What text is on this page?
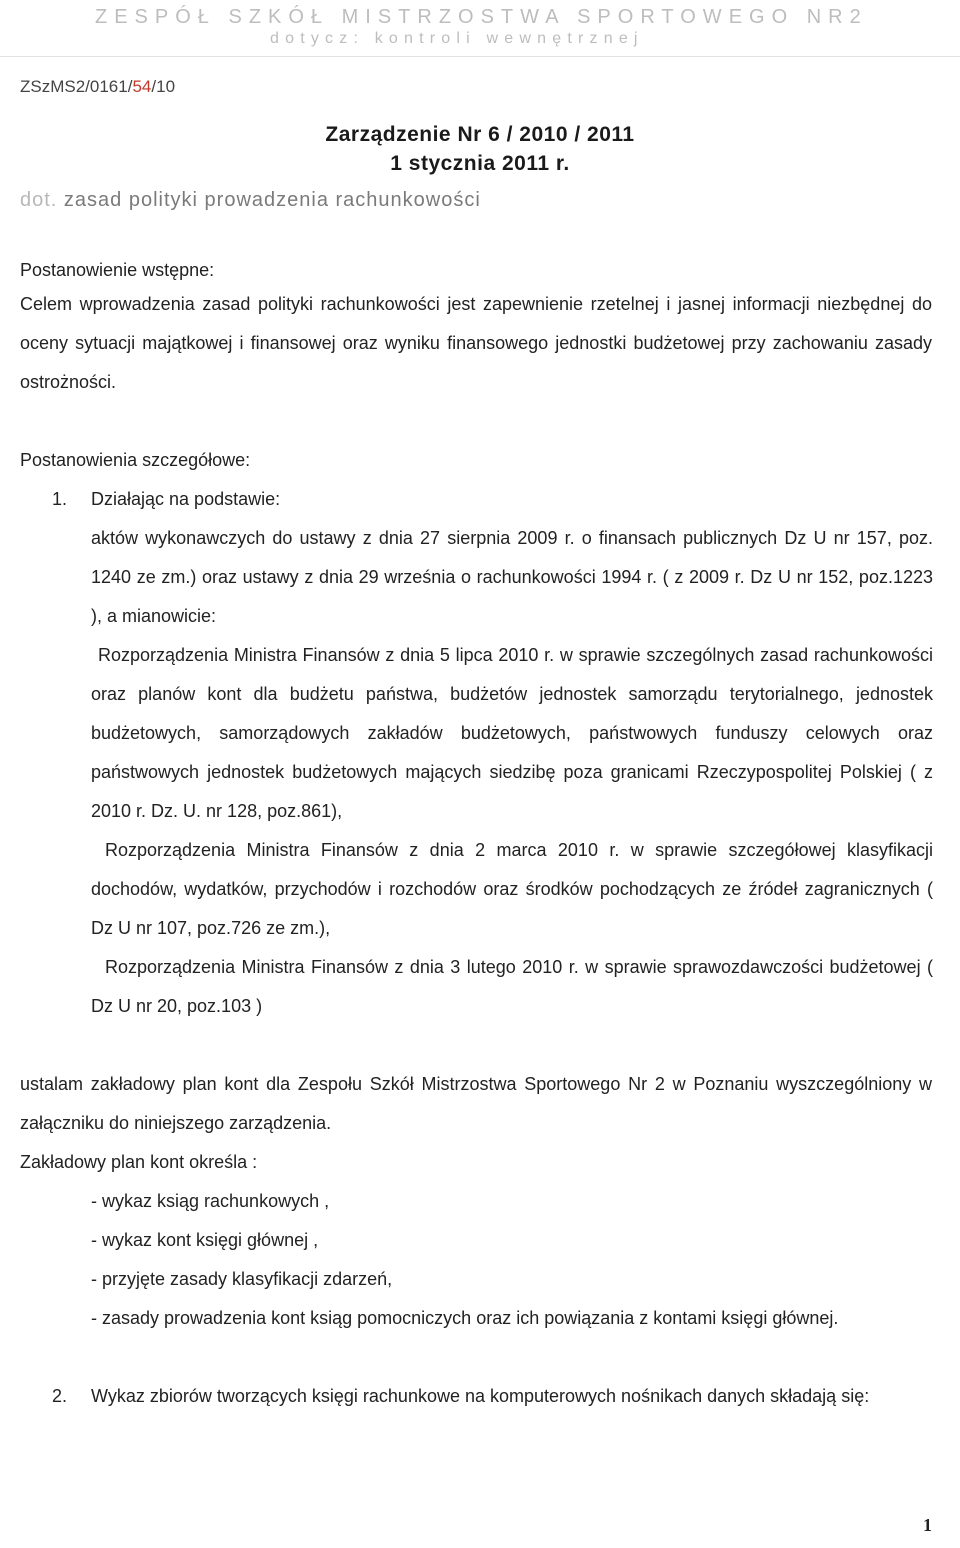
ZESPÓŁ SZKÓŁ MISTRZOSTWA SPORTOWEGO NR2
dotycz: kontroli wewnętrznej
ZSzMS2/0161/54/10
Zarządzenie Nr 6 / 2010 / 2011
1 stycznia 2011 r.
dot. zasad polityki prowadzenia rachunkowości
Postanowienie wstępne:
Celem wprowadzenia zasad polityki rachunkowości jest zapewnienie rzetelnej i jasnej informacji niezbędnej do oceny sytuacji majątkowej i finansowej oraz wyniku finansowego jednostki budżetowej przy zachowaniu zasady ostrożności.
Postanowienia szczegółowe:
1. Działając na podstawie:
aktów wykonawczych do ustawy z dnia 27 sierpnia 2009 r. o finansach publicznych Dz U nr 157, poz. 1240 ze zm.) oraz ustawy z dnia 29 września o rachunkowości 1994 r. ( z 2009 r. Dz U nr 152, poz.1223 ), a mianowicie:
Rozporządzenia Ministra Finansów z dnia 5 lipca 2010 r. w sprawie szczególnych zasad rachunkowości oraz planów kont dla budżetu państwa, budżetów jednostek samorządu terytorialnego, jednostek budżetowych, samorządowych zakładów budżetowych, państwowych funduszy celowych oraz państwowych jednostek budżetowych mających siedzibę poza granicami Rzeczypospolitej Polskiej ( z 2010 r. Dz. U. nr 128, poz.861),
Rozporządzenia Ministra Finansów z dnia 2 marca 2010 r. w sprawie szczegółowej klasyfikacji dochodów, wydatków, przychodów i rozchodów oraz środków pochodzących ze źródeł zagranicznych ( Dz U nr 107, poz.726 ze zm.),
Rozporządzenia Ministra Finansów z dnia 3 lutego 2010 r. w sprawie sprawozdawczości budżetowej ( Dz U nr 20, poz.103 )
ustalam zakładowy plan kont dla Zespołu Szkół Mistrzostwa Sportowego Nr 2 w Poznaniu wyszczególniony w załączniku do niniejszego zarządzenia.
Zakładowy plan kont określa :
- wykaz ksiąg rachunkowych ,
- wykaz kont księgi głównej ,
- przyjęte zasady klasyfikacji zdarzeń,
- zasady prowadzenia kont ksiąg pomocniczych oraz ich powiązania z kontami księgi głównej.
2. Wykaz zbiorów tworzących księgi rachunkowe na komputerowych nośnikach danych składają się:
1
